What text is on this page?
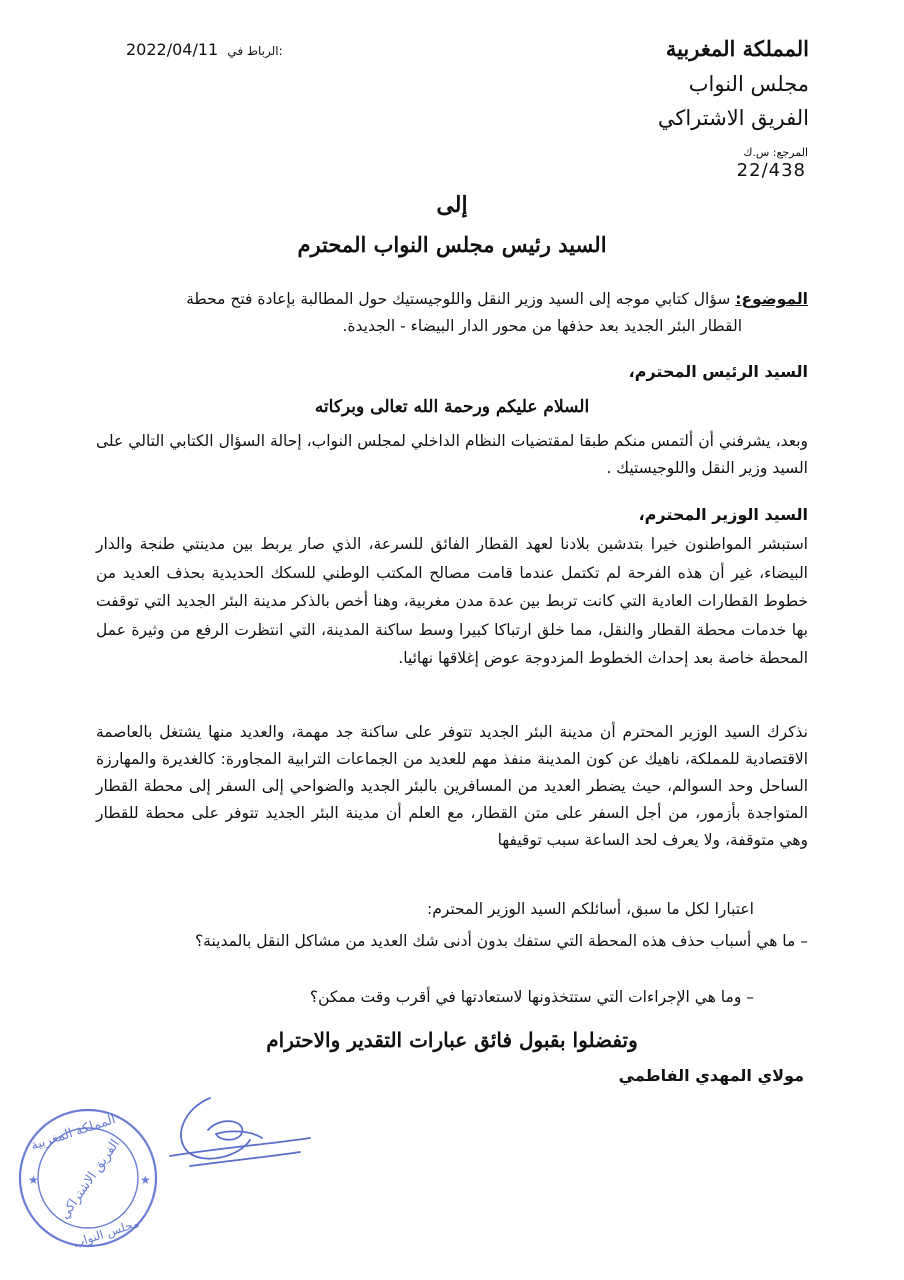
المملكة المغربية
مجلس النواب
الفريق الاشتراكي
المرجع: س.ك
22/438
2022/04/11 الرباط في:
إلى
السيد رئيس مجلس النواب المحترم
الموضوع: سؤال كتابي موجه إلى السيد وزير النقل واللوجيستيك حول المطالبة بإعادة فتح محطة
القطار البئر الجديد بعد حذفها من محور الدار البيضاء - الجديدة.
السيد الرئيس المحترم،
السلام عليكم ورحمة الله تعالى وبركاته
وبعد، يشرفني أن ألتمس منكم طبقا لمقتضيات النظام الداخلي لمجلس النواب، إحالة السؤال الكتابي التالي على السيد وزير النقل واللوجيستيك .
السيد الوزير المحترم،
استبشر المواطنون خيرا بتدشين بلادنا لعهد القطار الفائق للسرعة، الذي صار يربط بين مدينتي طنجة والدار البيضاء، غير أن هذه الفرحة لم تكتمل عندما قامت مصالح المكتب الوطني للسكك الحديدية بحذف العديد من خطوط القطارات العادية التي كانت تربط بين عدة مدن مغربية، وهنا أخص بالذكر مدينة البئر الجديد التي توقفت بها خدمات محطة القطار والنقل، مما خلق ارتباكا كبيرا وسط ساكنة المدينة، التي انتظرت الرفع من وثيرة عمل المحطة خاصة بعد إحداث الخطوط المزدوجة عوض إغلاقها نهائيا.
نذكرك السيد الوزير المحترم أن مدينة البئر الجديد تتوفر على ساكنة جد مهمة، والعديد منها يشتغل بالعاصمة الاقتصادية للمملكة، ناهيك عن كون المدينة منفذ مهم للعديد من الجماعات الترابية المجاورة: كالغديرة والمهارزة الساحل وحد السوالم، حيث يضطر العديد من المسافرين بالبئر الجديد والضواحي إلى السفر إلى محطة القطار المتواجدة بأزمور، من أجل السفر على متن القطار، مع العلم أن مدينة البئر الجديد تتوفر على محطة للقطار وهي متوقفة، ولا يعرف لحد الساعة سبب توقيفها
اعتبارا لكل ما سبق، أسائلكم السيد الوزير المحترم:
– ما هي أسباب حذف هذه المحطة التي ستفك بدون أدنى شك العديد من مشاكل النقل بالمدينة؟
– وما هي الإجراءات التي ستتخذونها لاستعادتها في أقرب وقت ممكن؟
وتفضلوا بقبول فائق عبارات التقدير والاحترام
مولاي المهدي الفاطمي
المملكة المغربية
الفريق الاشتراكي
مجلس النواب
★	★
